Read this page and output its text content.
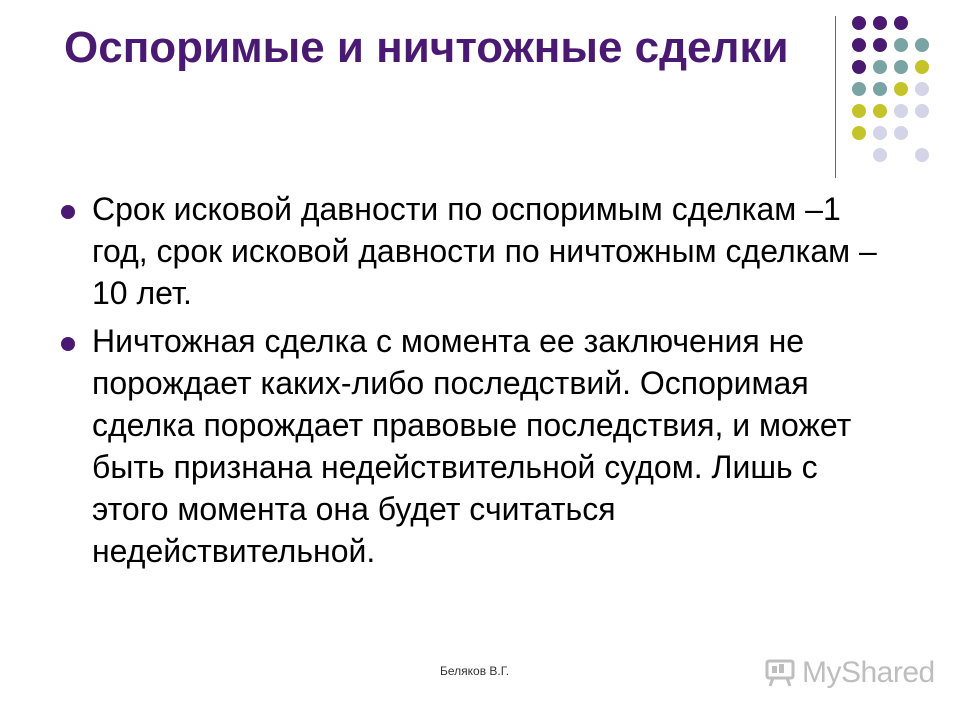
Оспоримые и ничтожные сделки
Срок исковой давности по оспоримым сделкам –1 год, срок исковой давности по ничтожным сделкам – 10 лет.
Ничтожная сделка с момента ее заключения не порождает каких-либо последствий. Оспоримая сделка порождает правовые последствия, и может быть признана недействительной судом. Лишь с этого момента она будет считаться недействительной.
Беляков В.Г.	MyShared
